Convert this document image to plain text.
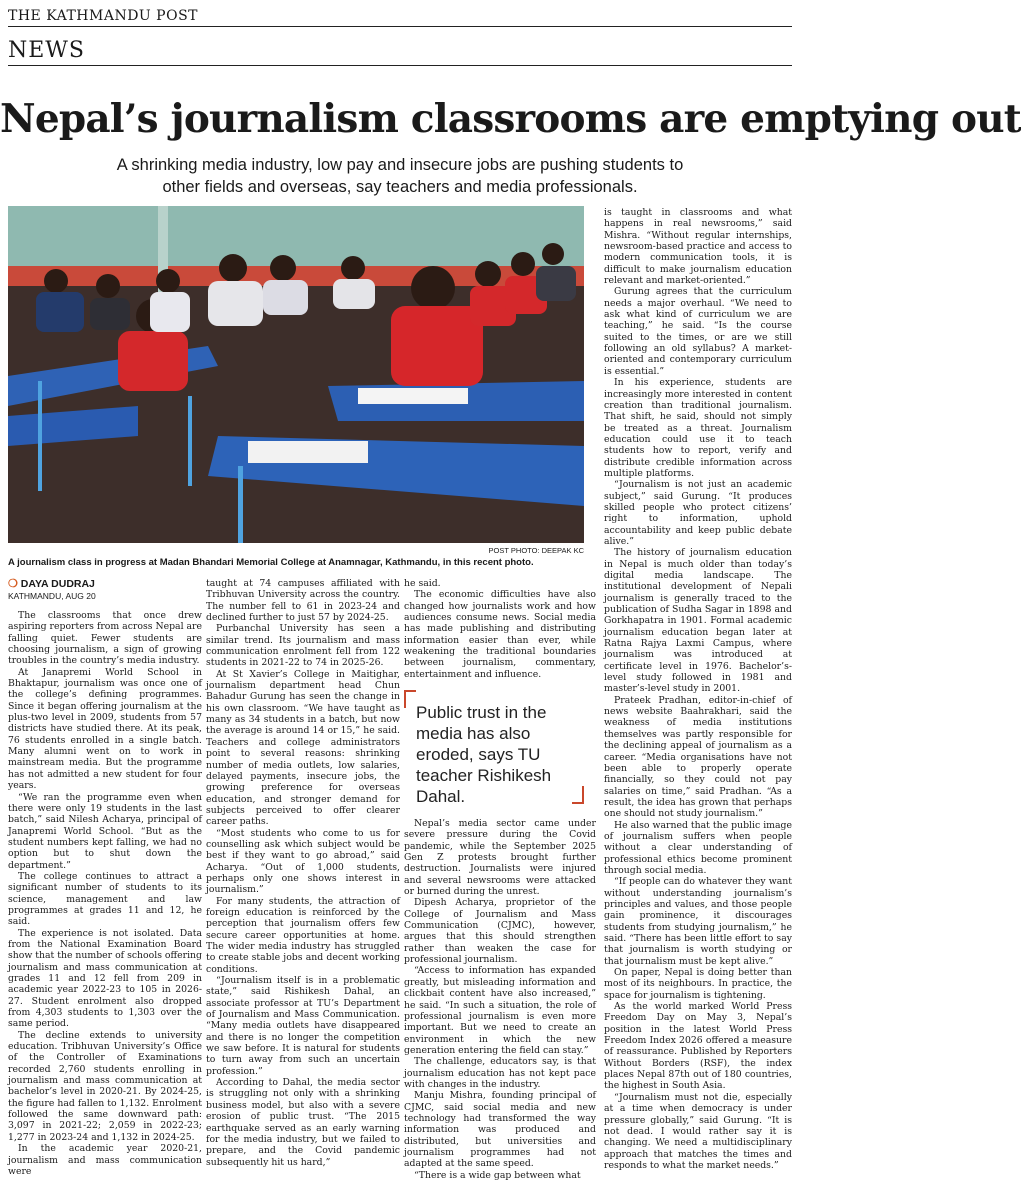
THE KATHMANDU POST
NEWS
Nepal’s journalism classrooms are emptying out
A shrinking media industry, low pay and insecure jobs are pushing students to other fields and overseas, say teachers and media professionals.
POST PHOTO: DEEPAK KC
A journalism class in progress at Madan Bhandari Memorial College at Anamnagar, Kathmandu, in this recent photo.
❍ DAYA DUDRAJ
KATHMANDU, AUG 20

The classrooms that once drew aspiring reporters from across Nepal are falling quiet. Fewer students are choosing journalism, a sign of growing troubles in the country’s media industry.

At Janapremi World School in Bhaktapur, journalism was once one of the college’s defining programmes. Since it began offering journalism at the plus-two level in 2009, students from 57 districts have studied there. At its peak, 76 students enrolled in a single batch. Many alumni went on to work in mainstream media. But the programme has not admitted a new student for four years.

“We ran the programme even when there were only 19 students in the last batch,” said Nilesh Acharya, principal of Janapremi World School. “But as the student numbers kept falling, we had no option but to shut down the department.”

The college continues to attract a significant number of students to its science, management and law programmes at grades 11 and 12, he said.

The experience is not isolated. Data from the National Examination Board show that the number of schools offering journalism and mass communication at grades 11 and 12 fell from 209 in academic year 2022-23 to 105 in 2026-27. Student enrolment also dropped from 4,303 students to 1,303 over the same period.

The decline extends to university education. Tribhuvan University’s Office of the Controller of Examinations recorded 2,760 students enrolling in journalism and mass communication at bachelor’s level in 2020-21. By 2024-25, the figure had fallen to 1,132. Enrolment followed the same downward path: 3,097 in 2021-22; 2,059 in 2022-23; 1,277 in 2023-24 and 1,132 in 2024-25.

In the academic year 2020-21, journalism and mass communication were

taught at 74 campuses affiliated with Tribhuvan University across the country. The number fell to 61 in 2023-24 and declined further to just 57 by 2024-25.

Purbanchal University has seen a similar trend. Its journalism and mass communication enrolment fell from 122 students in 2021-22 to 74 in 2025-26.

At St Xavier’s College in Maitighar, journalism department head Chun Bahadur Gurung has seen the change in his own classroom. “We have taught as many as 34 students in a batch, but now the average is around 14 or 15,” he said. Teachers and college administrators point to several reasons: shrinking number of media outlets, low salaries, delayed payments, insecure jobs, the growing preference for overseas education, and stronger demand for subjects perceived to offer clearer career paths.

“Most students who come to us for counselling ask which subject would be best if they want to go abroad,” said Acharya. “Out of 1,000 students, perhaps only one shows interest in journalism.”

For many students, the attraction of foreign education is reinforced by the perception that journalism offers few secure career opportunities at home. The wider media industry has struggled to create stable jobs and decent working conditions.

“Journalism itself is in a problematic state,” said Rishikesh Dahal, an associate professor at TU’s Department of Journalism and Mass Communication. “Many media outlets have disappeared and there is no longer the competition we saw before. It is natural for students to turn away from such an uncertain profession.”

According to Dahal, the media sector is struggling not only with a shrinking business model, but also with a severe erosion of public trust. “The 2015 earthquake served as an early warning for the media industry, but we failed to prepare, and the Covid pandemic subsequently hit us hard,”

he said.

The economic difficulties have also changed how journalists work and how audiences consume news. Social media has made publishing and distributing information easier than ever, while weakening the traditional boundaries between journalism, commentary, entertainment and influence.

Public trust in the media has also eroded, says TU teacher Rishikesh Dahal.

Nepal’s media sector came under severe pressure during the Covid pandemic, while the September 2025 Gen Z protests brought further destruction. Journalists were injured and several newsrooms were attacked or burned during the unrest.

Dipesh Acharya, proprietor of the College of Journalism and Mass Communication (CJMC), however, argues that this should strengthen rather than weaken the case for professional journalism.

“Access to information has expanded greatly, but misleading information and clickbait content have also increased,” he said. “In such a situation, the role of professional journalism is even more important. But we need to create an environment in which the new generation entering the field can stay.”

The challenge, educators say, is that journalism education has not kept pace with changes in the industry.

Manju Mishra, founding principal of CJMC, said social media and new technology had transformed the way information was produced and distributed, but universities and journalism programmes had not adapted at the same speed.

“There is a wide gap between what

is taught in classrooms and what happens in real newsrooms,” said Mishra. “Without regular internships, newsroom-based practice and access to modern communication tools, it is difficult to make journalism education relevant and market-oriented.”

Gurung agrees that the curriculum needs a major overhaul. “We need to ask what kind of curriculum we are teaching,” he said. “Is the course suited to the times, or are we still following an old syllabus? A market-oriented and contemporary curriculum is essential.”

In his experience, students are increasingly more interested in content creation than traditional journalism. That shift, he said, should not simply be treated as a threat. Journalism education could use it to teach students how to report, verify and distribute credible information across multiple platforms.

“Journalism is not just an academic subject,” said Gurung. “It produces skilled people who protect citizens’ right to information, uphold accountability and keep public debate alive.”

The history of journalism education in Nepal is much older than today’s digital media landscape. The institutional development of Nepali journalism is generally traced to the publication of Sudha Sagar in 1898 and Gorkhapatra in 1901. Formal academic journalism education began later at Ratna Rajya Laxmi Campus, where journalism was introduced at certificate level in 1976. Bachelor’s-level study followed in 1981 and master’s-level study in 2001.

Prateek Pradhan, editor-in-chief of news website Baahrakhari, said the weakness of media institutions themselves was partly responsible for the declining appeal of journalism as a career. “Media organisations have not been able to properly operate financially, so they could not pay salaries on time,” said Pradhan. “As a result, the idea has grown that perhaps one should not study journalism.”

He also warned that the public image of journalism suffers when people without a clear understanding of professional ethics become prominent through social media.

“If people can do whatever they want without understanding journalism’s principles and values, and those people gain prominence, it discourages students from studying journalism,” he said. “There has been little effort to say that journalism is worth studying or that journalism must be kept alive.”

On paper, Nepal is doing better than most of its neighbours. In practice, the space for journalism is tightening.

As the world marked World Press Freedom Day on May 3, Nepal’s position in the latest World Press Freedom Index 2026 offered a measure of reassurance. Published by Reporters Without Borders (RSF), the index places Nepal 87th out of 180 countries, the highest in South Asia.

“Journalism must not die, especially at a time when democracy is under pressure globally,” said Gurung. “It is not dead. I would rather say it is changing. We need a multidisciplinary approach that matches the times and responds to what the market needs.”
